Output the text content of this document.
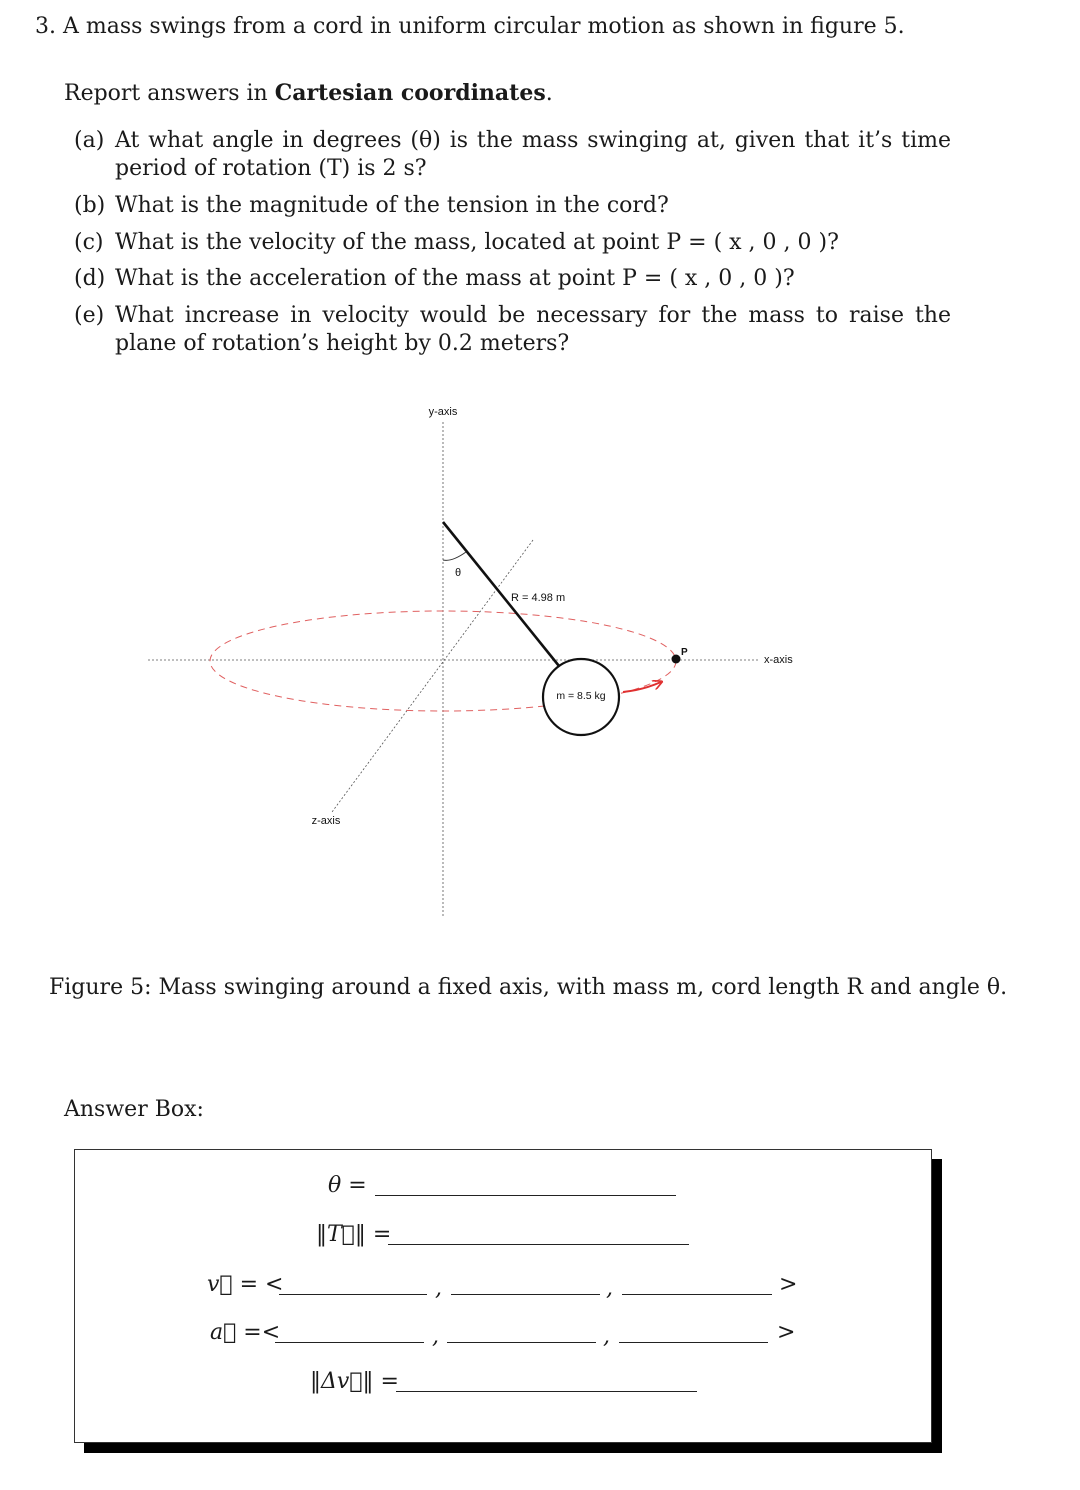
3. A mass swings from a cord in uniform circular motion as shown in figure 5.
Report answers in Cartesian coordinates.
(a) At what angle in degrees (θ) is the mass swinging at, given that it’s time period of rotation (T) is 2 s?
(b) What is the magnitude of the tension in the cord?
(c) What is the velocity of the mass, located at point P = ( x , 0 , 0 )?
(d) What is the acceleration of the mass at point P = ( x , 0 , 0 )?
(e) What increase in velocity would be necessary for the mass to raise the plane of rotation’s height by 0.2 meters?
θ
R = 4.98 m
m = 8.5 kg
P
y-axis
x-axis
z-axis
Figure 5: Mass swinging around a fixed axis, with mass m, cord length R and angle θ.
Answer Box:
θ =
‖T⃗‖ =
v⃗ = <	,	,	>
a⃗ =<	,	,	>
‖Δv⃗‖ =
